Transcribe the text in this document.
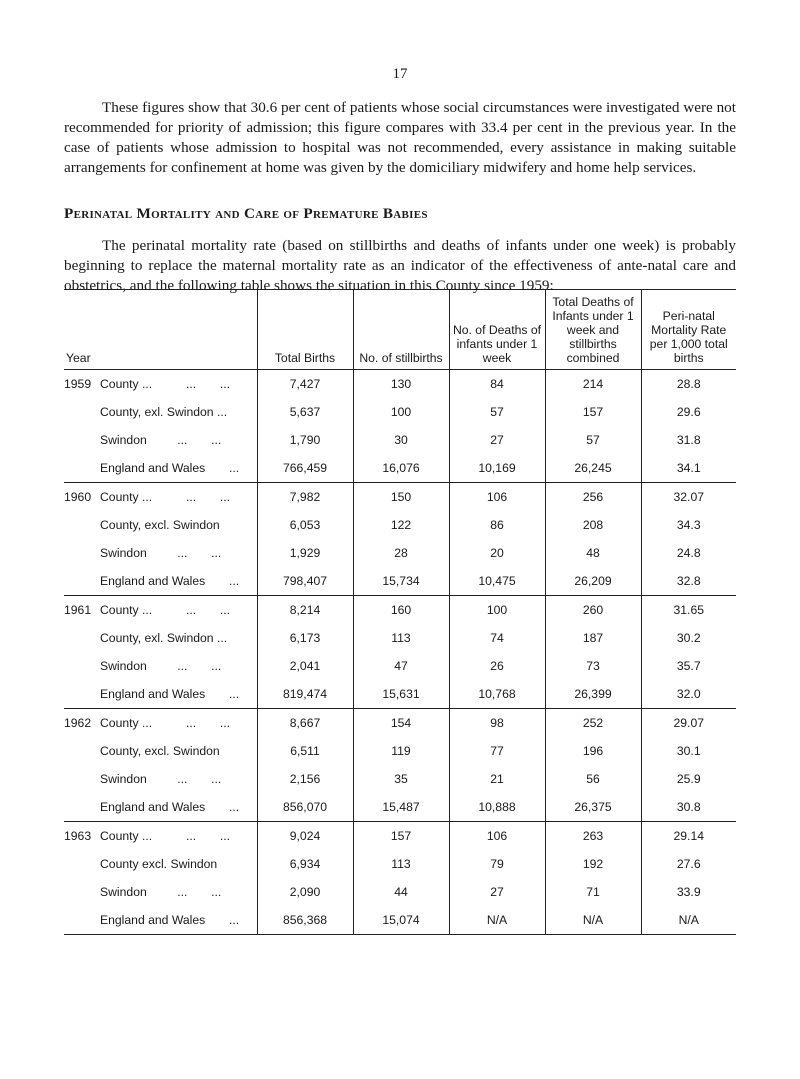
17

These figures show that 30.6 per cent of patients whose social circumstances were investigated were not recommended for priority of admission; this figure compares with 33.4 per cent in the previous year. In the case of patients whose admission to hospital was not recommended, every assistance in making suitable arrangements for confinement at home was given by the domiciliary midwifery and home help services.

Perinatal Mortality and Care of Premature Babies

The perinatal mortality rate (based on stillbirths and deaths of infants under one week) is probably beginning to replace the maternal mortality rate as an indicator of the effectiveness of ante-natal care and obstetrics, and the following table shows the situation in this County since 1959:

Year	Total Births	No. of stillbirths	No. of Deaths of infants under 1 week	Total Deaths of Infants under 1 week and stillbirths combined	Peri-natal Mortality Rate per 1,000 total births
1959 County ...          ...       ...	7,427	130	84	214	28.8
County, exl. Swindon ...	5,637	100	57	157	29.6
Swindon         ...       ...	1,790	30	27	57	31.8
England and Wales       ...	766,459	16,076	10,169	26,245	34.1
1960 County ...          ...       ...	7,982	150	106	256	32.07
County, excl. Swindon	6,053	122	86	208	34.3
Swindon         ...       ...	1,929	28	20	48	24.8
England and Wales       ...	798,407	15,734	10,475	26,209	32.8
1961 County ...          ...       ...	8,214	160	100	260	31.65
County, exl. Swindon ...	6,173	113	74	187	30.2
Swindon         ...       ...	2,041	47	26	73	35.7
England and Wales       ...	819,474	15,631	10,768	26,399	32.0
1962 County ...          ...       ...	8,667	154	98	252	29.07
County, excl. Swindon	6,511	119	77	196	30.1
Swindon         ...       ...	2,156	35	21	56	25.9
England and Wales       ...	856,070	15,487	10,888	26,375	30.8
1963 County ...          ...       ...	9,024	157	106	263	29.14
County excl. Swindon	6,934	113	79	192	27.6
Swindon         ...       ...	2,090	44	27	71	33.9
England and Wales       ...	856,368	15,074	N/A	N/A	N/A
